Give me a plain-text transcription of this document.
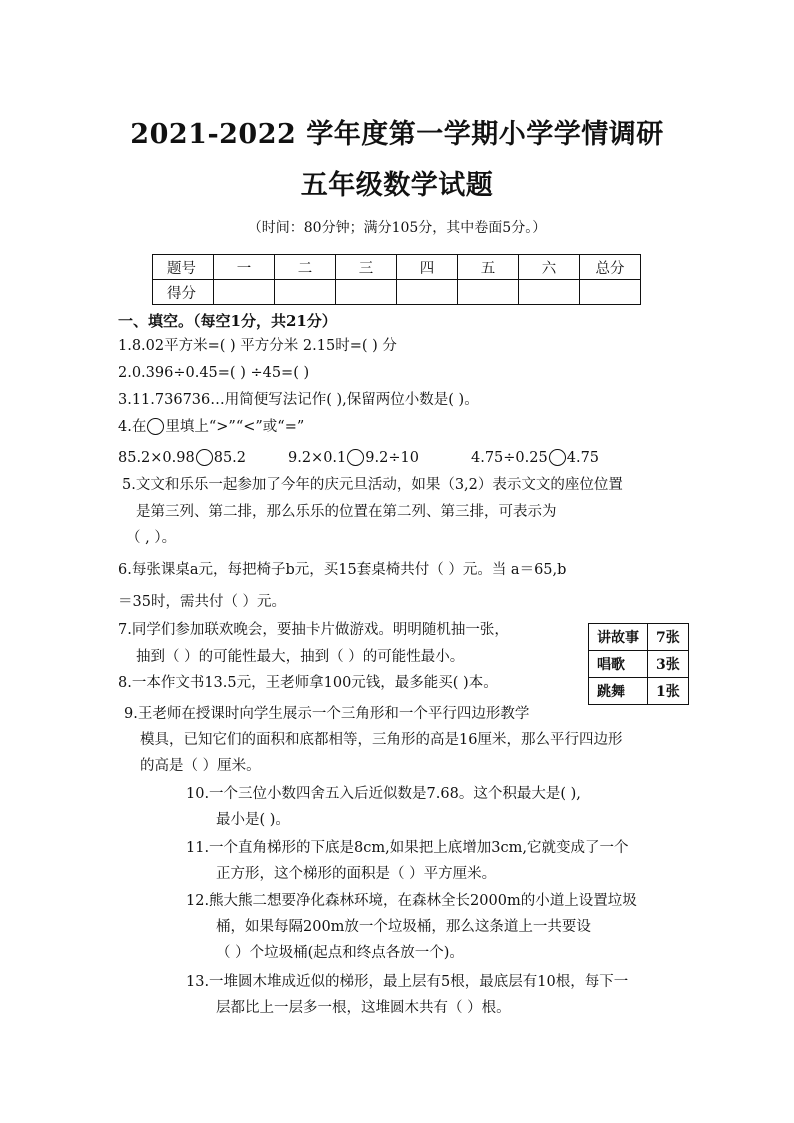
2021-2022 学年度第一学期小学学情调研
五年级数学试题
（时间：80分钟；满分105分，其中卷面5分。）
题号	一	二	三	四	五	六	总分
得分							
一、填空。（每空1分，共21分）
1.8.02平方米=( ) 平方分米 2.15时=( ) 分
2.0.396÷0.45=( ) ÷45=( )
3.11.736736…用简便写法记作( ),保留两位小数是( )。
4.在 里填上“>”“<”或“=”
85.2×0.98 85.2	9.2×0.1 9.2÷10	4.75÷0.25 4.75
5.文文和乐乐一起参加了今年的庆元旦活动，如果（3,2）表示文文的座位位置
是第三列、第二排，那么乐乐的位置在第二列、第三排，可表示为
（ , ）。
6.每张课桌a元，每把椅子b元，买15套桌椅共付（ ）元。当 a＝65,b
＝35时，需共付（ ）元。
7.同学们参加联欢晚会，要抽卡片做游戏。明明随机抽一张，
抽到（ ）的可能性最大，抽到（ ）的可能性最小。
8.一本作文书13.5元，王老师拿100元钱，最多能买( )本。
讲故事	7张
唱歌	3张
跳舞	1张
9.王老师在授课时向学生展示一个三角形和一个平行四边形教学
模具，已知它们的面积和底都相等，三角形的高是16厘米，那么平行四边形
的高是（ ）厘米。
10.一个三位小数四舍五入后近似数是7.68。这个积最大是( ),
最小是( )。
11.一个直角梯形的下底是8cm,如果把上底增加3cm,它就变成了一个
正方形，这个梯形的面积是（ ）平方厘米。
12.熊大熊二想要净化森林环境，在森林全长2000m的小道上设置垃圾
桶，如果每隔200m放一个垃圾桶，那么这条道上一共要设
（ ）个垃圾桶(起点和终点各放一个)。
13.一堆圆木堆成近似的梯形，最上层有5根，最底层有10根，每下一
层都比上一层多一根，这堆圆木共有（ ）根。
